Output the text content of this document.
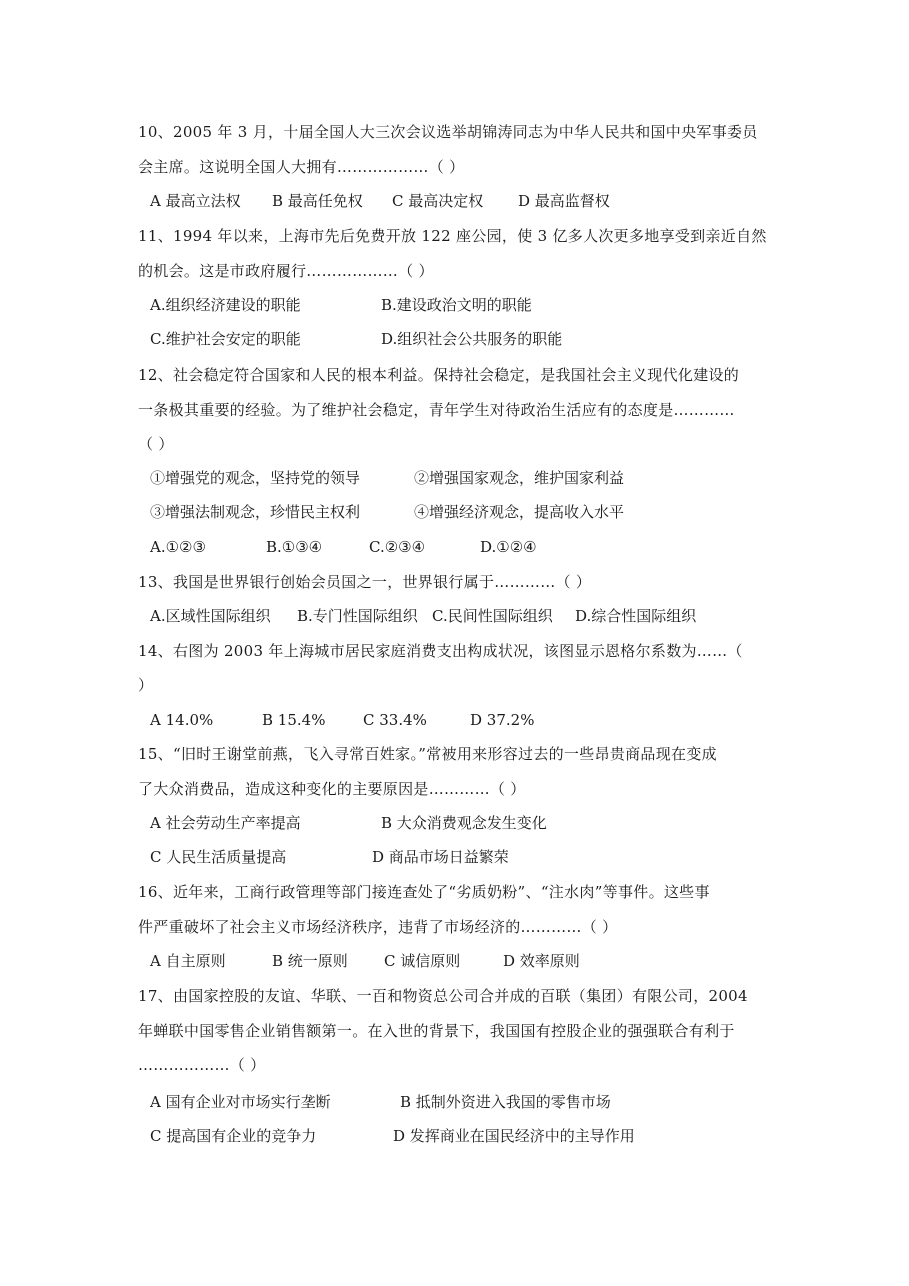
10、2005 年 3 月，十届全国人大三次会议选举胡锦涛同志为中华人民共和国中央军事委员
会主席。这说明全国人大拥有………………（ ）
A 最高立法权 B 最高任免权 C 最高决定权 D 最高监督权
11、1994 年以来，上海市先后免费开放 122 座公园，使 3 亿多人次更多地享受到亲近自然
的机会。这是市政府履行………………（ ）
A.组织经济建设的职能	B.建设政治文明的职能
C.维护社会安定的职能	D.组织社会公共服务的职能
12、社会稳定符合国家和人民的根本利益。保持社会稳定，是我国社会主义现代化建设的
一条极其重要的经验。为了维护社会稳定，青年学生对待政治生活应有的态度是…………
（ ）
①增强党的观念，坚持党的领导	②增强国家观念，维护国家利益
③增强法制观念，珍惜民主权利	④增强经济观念，提高收入水平
A.①②③	B.①③④	C.②③④	D.①②④
13、我国是世界银行创始会员国之一，世界银行属于…………（ ）
A.区域性国际组织 B.专门性国际组织 C.民间性国际组织 D.综合性国际组织
14、右图为 2003 年上海城市居民家庭消费支出构成状况，该图显示恩格尔系数为……（
）
A 14.0%	B 15.4%	C 33.4%	D 37.2%
15、“旧时王谢堂前燕，飞入寻常百姓家。”常被用来形容过去的一些昂贵商品现在变成
了大众消费品，造成这种变化的主要原因是…………（ ）
A 社会劳动生产率提高	B 大众消费观念发生变化
C 人民生活质量提高	D 商品市场日益繁荣
16、近年来，工商行政管理等部门接连查处了“劣质奶粉”、“注水肉”等事件。这些事
件严重破坏了社会主义市场经济秩序，违背了市场经济的…………（ ）
A 自主原则	B 统一原则 C 诚信原则	D 效率原则
17、由国家控股的友谊、华联、一百和物资总公司合并成的百联（集团）有限公司，2004
年蝉联中国零售企业销售额第一。在入世的背景下，我国国有控股企业的强强联合有利于
………………（ ）
A 国有企业对市场实行垄断	B 抵制外资进入我国的零售市场
C 提高国有企业的竞争力	D 发挥商业在国民经济中的主导作用
